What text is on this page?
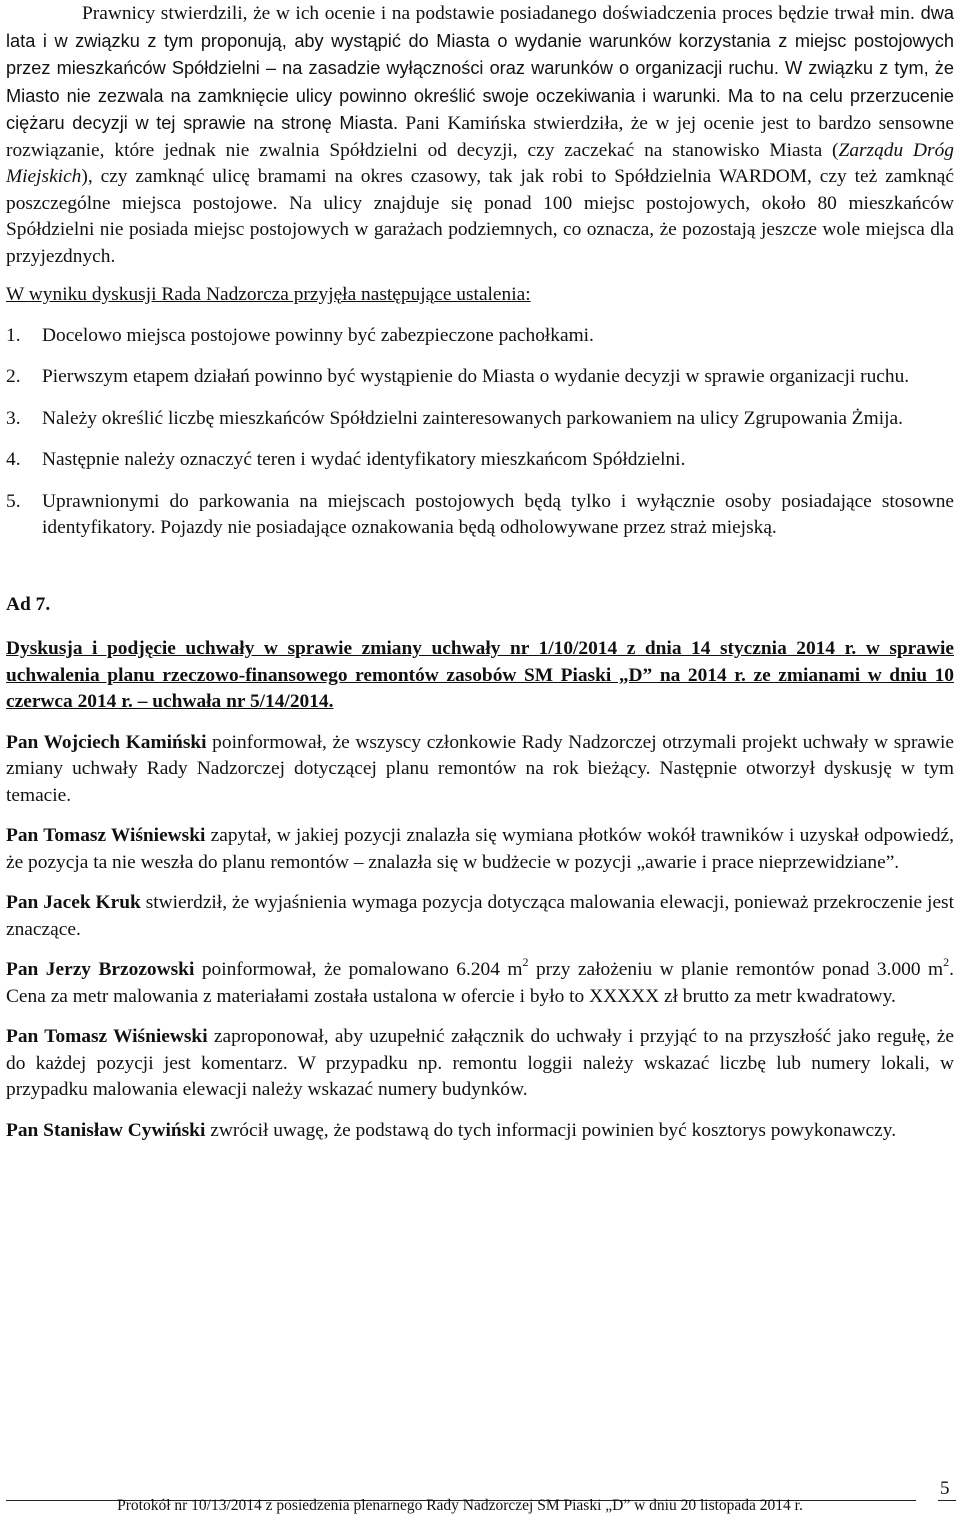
Prawnicy stwierdzili, że w ich ocenie i na podstawie posiadanego doświadczenia proces będzie trwał min. dwa lata i w związku z tym proponują, aby wystąpić do Miasta o wydanie warunków korzystania z miejsc postojowych przez mieszkańców Spółdzielni – na zasadzie wyłączności oraz warunków o organizacji ruchu. W związku z tym, że Miasto nie zezwala na zamknięcie ulicy powinno określić swoje oczekiwania i warunki. Ma to na celu przerzucenie ciężaru decyzji w tej sprawie na stronę Miasta. Pani Kamińska stwierdziła, że w jej ocenie jest to bardzo sensowne rozwiązanie, które jednak nie zwalnia Spółdzielni od decyzji, czy zaczekać na stanowisko Miasta (Zarządu Dróg Miejskich), czy zamknąć ulicę bramami na okres czasowy, tak jak robi to Spółdzielnia WARDOM, czy też zamknąć poszczególne miejsca postojowe. Na ulicy znajduje się ponad 100 miejsc postojowych, około 80 mieszkańców Spółdzielni nie posiada miejsc postojowych w garażach podziemnych, co oznacza, że pozostają jeszcze wole miejsca dla przyjezdnych.

W wyniku dyskusji Rada Nadzorcza przyjęła następujące ustalenia:

1. Docelowo miejsca postojowe powinny być zabezpieczone pachołkami.
2. Pierwszym etapem działań powinno być wystąpienie do Miasta o wydanie decyzji w sprawie organizacji ruchu.
3. Należy określić liczbę mieszkańców Spółdzielni zainteresowanych parkowaniem na ulicy Zgrupowania Żmija.
4. Następnie należy oznaczyć teren i wydać identyfikatory mieszkańcom Spółdzielni.
5. Uprawnionymi do parkowania na miejscach postojowych będą tylko i wyłącznie osoby posiadające stosowne identyfikatory. Pojazdy nie posiadające oznakowania będą odholowywane przez straż miejską.

Ad 7.

Dyskusja i podjęcie uchwały w sprawie zmiany uchwały nr 1/10/2014 z dnia 14 stycznia 2014 r. w sprawie uchwalenia planu rzeczowo-finansowego remontów zasobów SM Piaski „D” na 2014 r. ze zmianami w dniu 10 czerwca 2014 r. – uchwała nr 5/14/2014.

Pan Wojciech Kamiński poinformował, że wszyscy członkowie Rady Nadzorczej otrzymali projekt uchwały w sprawie zmiany uchwały Rady Nadzorczej dotyczącej planu remontów na rok bieżący. Następnie otworzył dyskusję w tym temacie.

Pan Tomasz Wiśniewski zapytał, w jakiej pozycji znalazła się wymiana płotków wokół trawników i uzyskał odpowiedź, że pozycja ta nie weszła do planu remontów – znalazła się w budżecie w pozycji „awarie i prace nieprzewidziane”.

Pan Jacek Kruk stwierdził, że wyjaśnienia wymaga pozycja dotycząca malowania elewacji, ponieważ przekroczenie jest znaczące.

Pan Jerzy Brzozowski poinformował, że pomalowano 6.204 $m^2$ przy założeniu w planie remontów ponad 3.000 $m^2$. Cena za metr malowania z materiałami została ustalona w ofercie i było to XXXXX zł brutto za metr kwadratowy.

Pan Tomasz Wiśniewski zaproponował, aby uzupełnić załącznik do uchwały i przyjąć to na przyszłość jako regułę, że do każdej pozycji jest komentarz. W przypadku np. remontu loggii należy wskazać liczbę lub numery lokali, w przypadku malowania elewacji należy wskazać numery budynków.

Pan Stanisław Cywiński zwrócił uwagę, że podstawą do tych informacji powinien być kosztorys powykonawczy.

Protokół nr 10/13/2014 z posiedzenia plenarnego Rady Nadzorczej SM Piaski „D” w dniu 20 listopada 2014 r.
5
